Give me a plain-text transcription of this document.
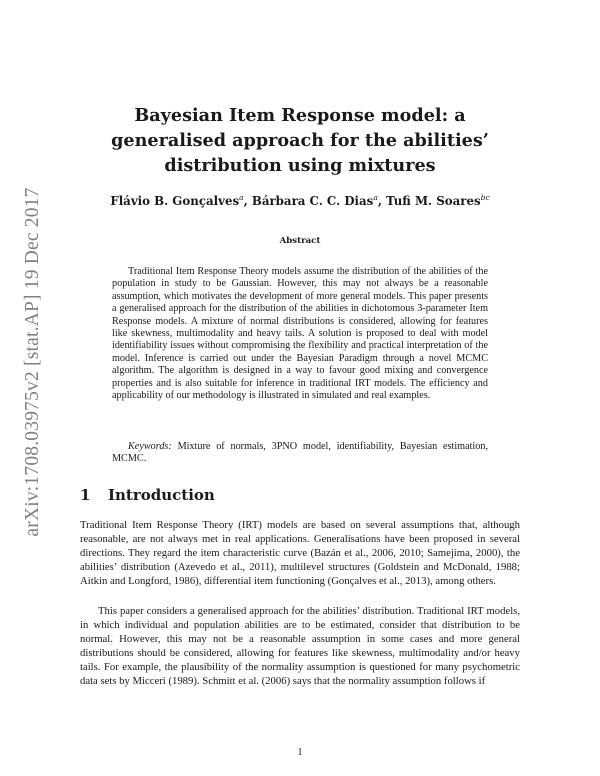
arXiv:1708.03975v2 [stat.AP] 19 Dec 2017
Bayesian Item Response model: a generalised approach for the abilities’ distribution using mixtures
Flávio B. Gonçalves$^a$, Bárbara C. C. Dias$^a$, Tufi M. Soares$^{bc}$
Abstract
Traditional Item Response Theory models assume the distribution of the abilities of the population in study to be Gaussian. However, this may not always be a reasonable assumption, which motivates the development of more general models. This paper presents a generalised approach for the distribution of the abilities in dichotomous 3-parameter Item Response models. A mixture of normal distributions is considered, allowing for features like skewness, multimodality and heavy tails. A solution is proposed to deal with model identifiability issues without compromising the flexibility and practical interpretation of the model. Inference is carried out under the Bayesian Paradigm through a novel MCMC algorithm. The algorithm is designed in a way to favour good mixing and convergence properties and is also suitable for inference in traditional IRT models. The efficiency and applicability of our methodology is illustrated in simulated and real examples.
Keywords: Mixture of normals, 3PNO model, identifiability, Bayesian estimation, MCMC.
1 Introduction
Traditional Item Response Theory (IRT) models are based on several assumptions that, although reasonable, are not always met in real applications. Generalisations have been proposed in several directions. They regard the item characteristic curve (Bazán et al., 2006, 2010; Samejima, 2000), the abilities’ distribution (Azevedo et al., 2011), multilevel structures (Goldstein and McDonald, 1988; Aitkin and Longford, 1986), differential item functioning (Gonçalves et al., 2013), among others.
This paper considers a generalised approach for the abilities’ distribution. Traditional IRT models, in which individual and population abilities are to be estimated, consider that distribution to be normal. However, this may not be a reasonable assumption in some cases and more general distributions should be considered, allowing for features like skewness, multimodality and/or heavy tails. For example, the plausibility of the normality assumption is questioned for many psychometric data sets by Micceri (1989). Schmitt et al. (2006) says that the normality assumption follows if
1
